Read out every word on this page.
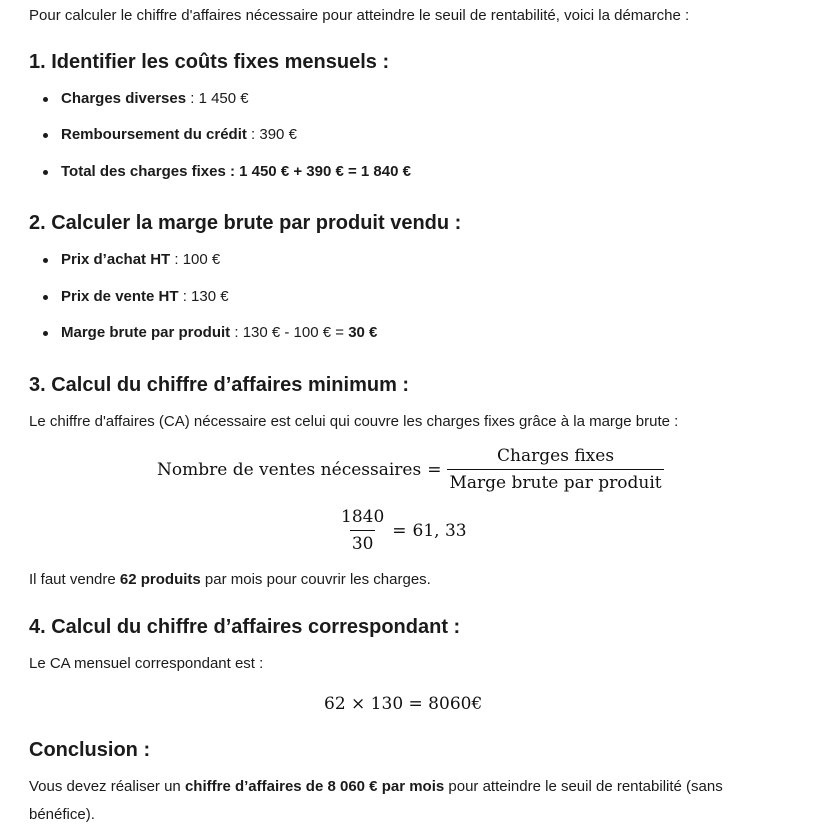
Pour calculer le chiffre d'affaires nécessaire pour atteindre le seuil de rentabilité, voici la démarche :

1. Identifier les coûts fixes mensuels :
Charges diverses : 1 450 €
Remboursement du crédit : 390 €
Total des charges fixes : 1 450 € + 390 € = 1 840 €
2. Calculer la marge brute par produit vendu :
Prix d’achat HT : 100 €
Prix de vente HT : 130 €
Marge brute par produit : 130 € - 100 € = 30 €
3. Calcul du chiffre d’affaires minimum :

Le chiffre d'affaires (CA) nécessaire est celui qui couvre les charges fixes grâce à la marge brute :

Nombre de ventes nécessaires = $\frac{\text{Charges fixes}}{\text{Marge brute par produit}}$
$\frac{1840}{30} = 61$, 33

Il faut vendre 62 produits par mois pour couvrir les charges.

4. Calcul du chiffre d’affaires correspondant :

Le CA mensuel correspondant est :

62 × 130 = 8060€
Conclusion :

Vous devez réaliser un chiffre d’affaires de 8 060 € par mois pour atteindre le seuil de rentabilité (sans

bénéfice).
